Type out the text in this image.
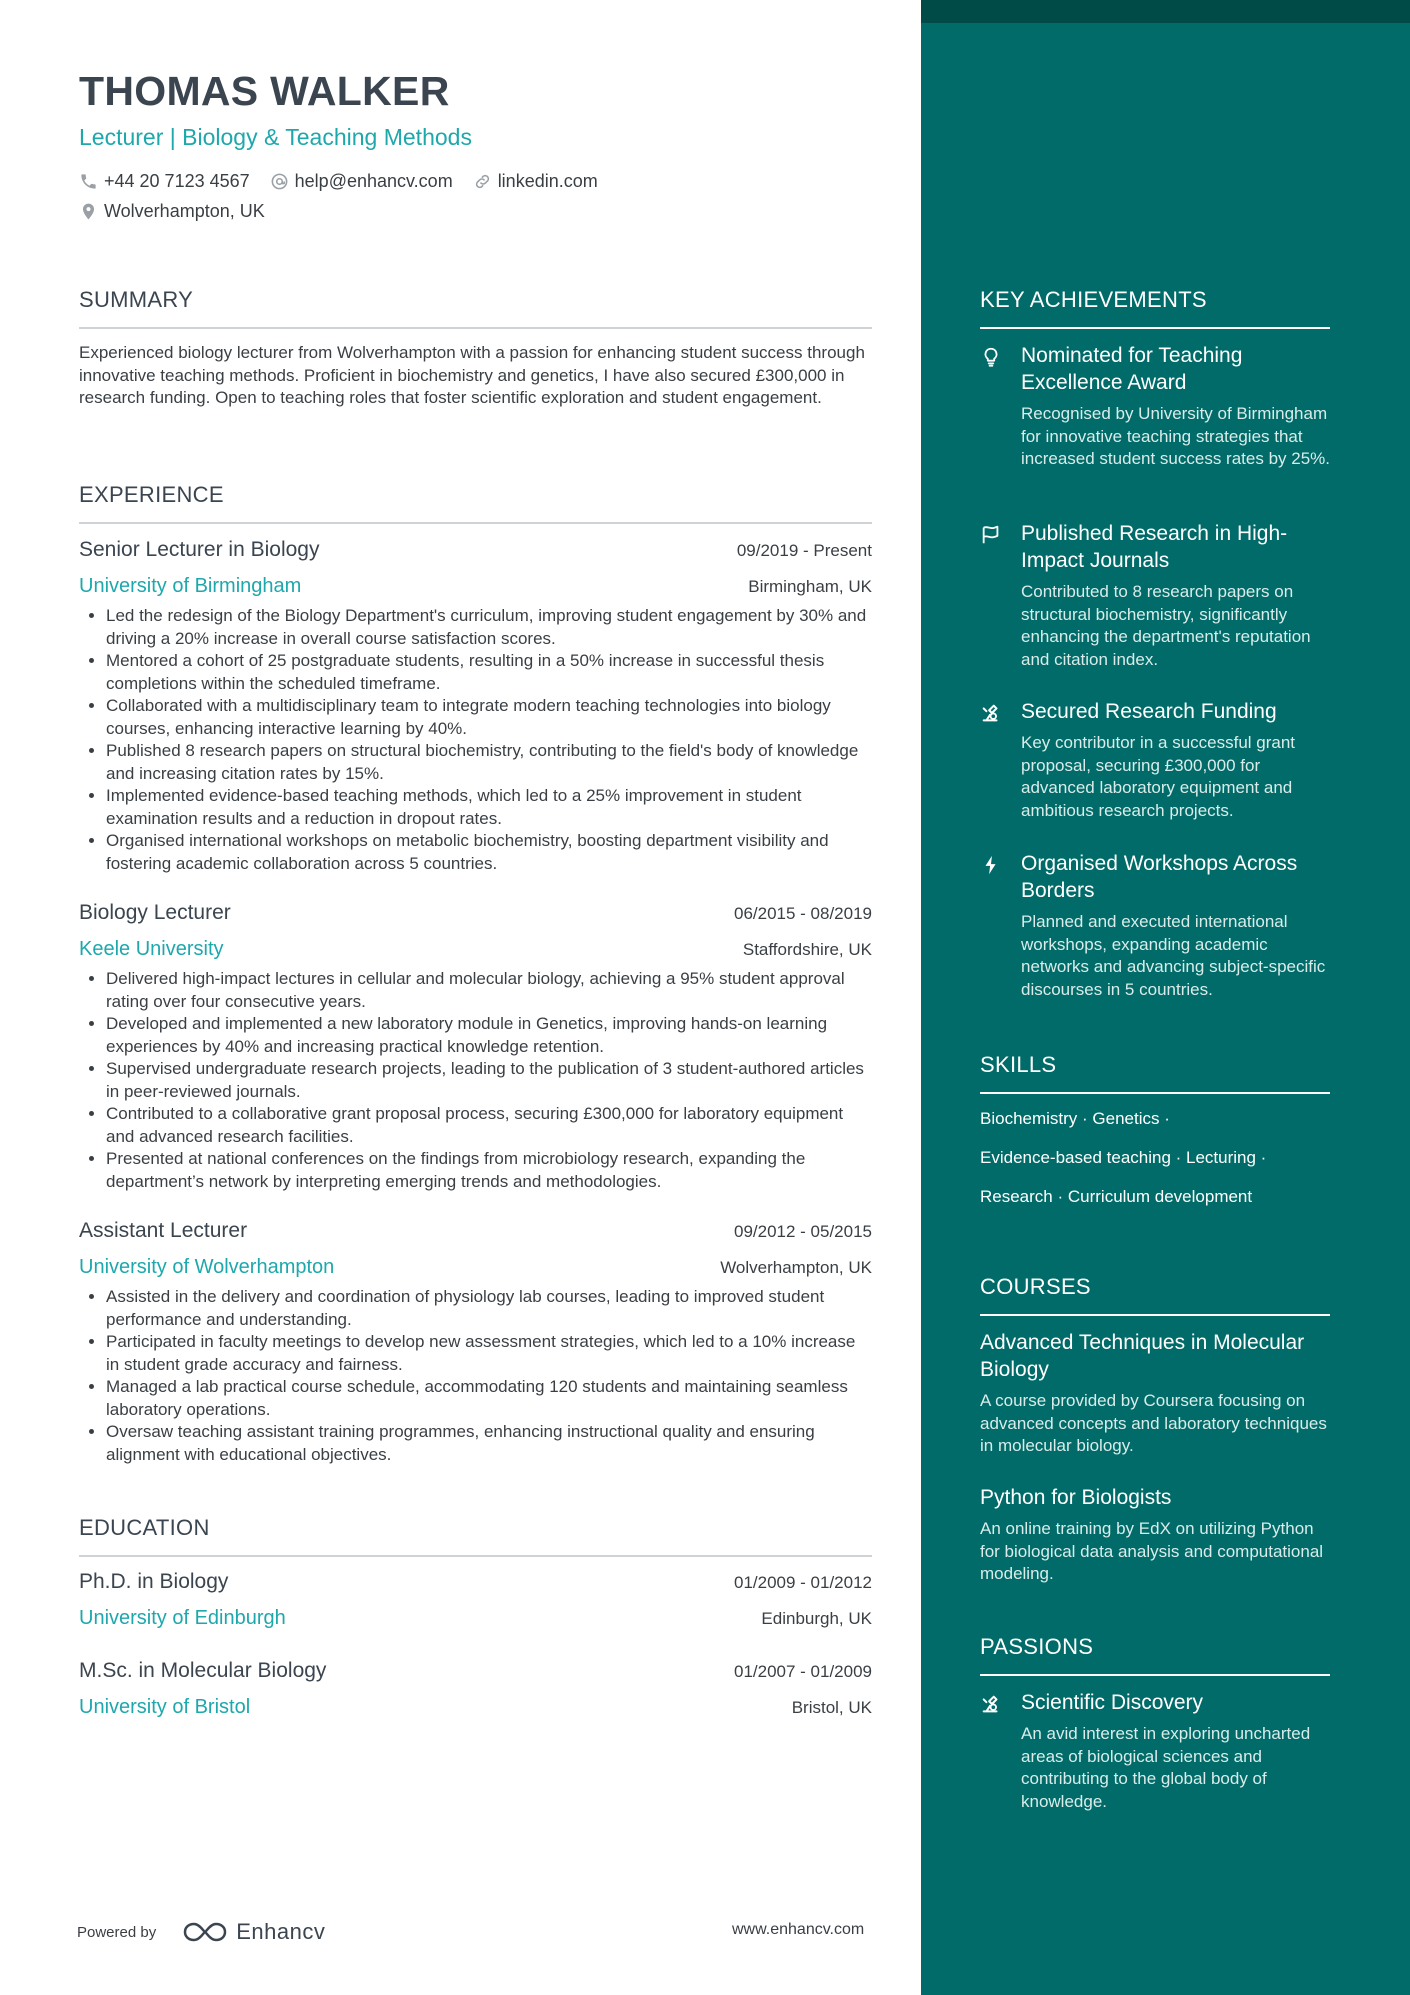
THOMAS WALKER
Lecturer | Biology & Teaching Methods
+44 20 7123 4567	help@enhancv.com	linkedin.com
Wolverhampton, UK
SUMMARY
Experienced biology lecturer from Wolverhampton with a passion for enhancing student success through innovative teaching methods. Proficient in biochemistry and genetics, I have also secured £300,000 in research funding. Open to teaching roles that foster scientific exploration and student engagement.
EXPERIENCE
Senior Lecturer in Biology	09/2019 - Present
University of Birmingham	Birmingham, UK
• Led the redesign of the Biology Department's curriculum, improving student engagement by 30% and driving a 20% increase in overall course satisfaction scores.
• Mentored a cohort of 25 postgraduate students, resulting in a 50% increase in successful thesis completions within the scheduled timeframe.
• Collaborated with a multidisciplinary team to integrate modern teaching technologies into biology courses, enhancing interactive learning by 40%.
• Published 8 research papers on structural biochemistry, contributing to the field's body of knowledge and increasing citation rates by 15%.
• Implemented evidence-based teaching methods, which led to a 25% improvement in student examination results and a reduction in dropout rates.
• Organised international workshops on metabolic biochemistry, boosting department visibility and fostering academic collaboration across 5 countries.
Biology Lecturer	06/2015 - 08/2019
Keele University	Staffordshire, UK
• Delivered high-impact lectures in cellular and molecular biology, achieving a 95% student approval rating over four consecutive years.
• Developed and implemented a new laboratory module in Genetics, improving hands-on learning experiences by 40% and increasing practical knowledge retention.
• Supervised undergraduate research projects, leading to the publication of 3 student-authored articles in peer-reviewed journals.
• Contributed to a collaborative grant proposal process, securing £300,000 for laboratory equipment and advanced research facilities.
• Presented at national conferences on the findings from microbiology research, expanding the department’s network by interpreting emerging trends and methodologies.
Assistant Lecturer	09/2012 - 05/2015
University of Wolverhampton	Wolverhampton, UK
• Assisted in the delivery and coordination of physiology lab courses, leading to improved student performance and understanding.
• Participated in faculty meetings to develop new assessment strategies, which led to a 10% increase in student grade accuracy and fairness.
• Managed a lab practical course schedule, accommodating 120 students and maintaining seamless laboratory operations.
• Oversaw teaching assistant training programmes, enhancing instructional quality and ensuring alignment with educational objectives.
EDUCATION
Ph.D. in Biology	01/2009 - 01/2012
University of Edinburgh	Edinburgh, UK
M.Sc. in Molecular Biology	01/2007 - 01/2009
University of Bristol	Bristol, UK
Powered by	Enhancv	www.enhancv.com
KEY ACHIEVEMENTS
Nominated for Teaching Excellence Award
Recognised by University of Birmingham for innovative teaching strategies that increased student success rates by 25%.
Published Research in High-Impact Journals
Contributed to 8 research papers on structural biochemistry, significantly enhancing the department's reputation and citation index.
Secured Research Funding
Key contributor in a successful grant proposal, securing £300,000 for advanced laboratory equipment and ambitious research projects.
Organised Workshops Across Borders
Planned and executed international workshops, expanding academic networks and advancing subject-specific discourses in 5 countries.
SKILLS
Biochemistry · Genetics ·
Evidence-based teaching · Lecturing ·
Research · Curriculum development
COURSES
Advanced Techniques in Molecular Biology
A course provided by Coursera focusing on advanced concepts and laboratory techniques in molecular biology.
Python for Biologists
An online training by EdX on utilizing Python for biological data analysis and computational modeling.
PASSIONS
Scientific Discovery
An avid interest in exploring uncharted areas of biological sciences and contributing to the global body of knowledge.
